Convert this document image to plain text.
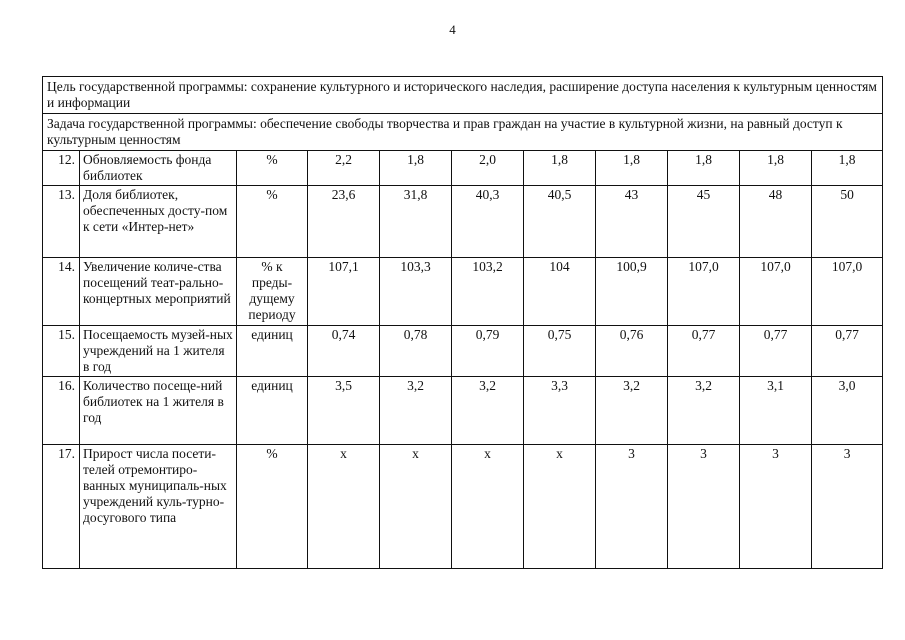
4
Цель государственной программы: сохранение культурного и исторического наследия, расширение доступа населения к культурным ценностям и информации										
Задача государственной программы: обеспечение свободы творчества и прав граждан на участие в культурной жизни, на равный доступ к культурным ценностям										
12.	Обновляемость фонда библиотек	%	2,2	1,8	2,0	1,8	1,8	1,8	1,8	1,8
13.	Доля библиотек, обеспеченных досту-пом к сети «Интер-нет»	%	23,6	31,8	40,3	40,5	43	45	48	50
14.	Увеличение количе-ства посещений теат-рально-концертных мероприятий	% к преды-дущему периоду	107,1	103,3	103,2	104	100,9	107,0	107,0	107,0
15.	Посещаемость музей-ных учреждений на 1 жителя в год	единиц	0,74	0,78	0,79	0,75	0,76	0,77	0,77	0,77
16.	Количество посеще-ний библиотек на 1 жителя в год	единиц	3,5	3,2	3,2	3,3	3,2	3,2	3,1	3,0
17.	Прирост числа посети-телей отремонтиро-ванных муниципаль-ных учреждений куль-турно-досугового типа	%	х	х	х	х	3	3	3	3
